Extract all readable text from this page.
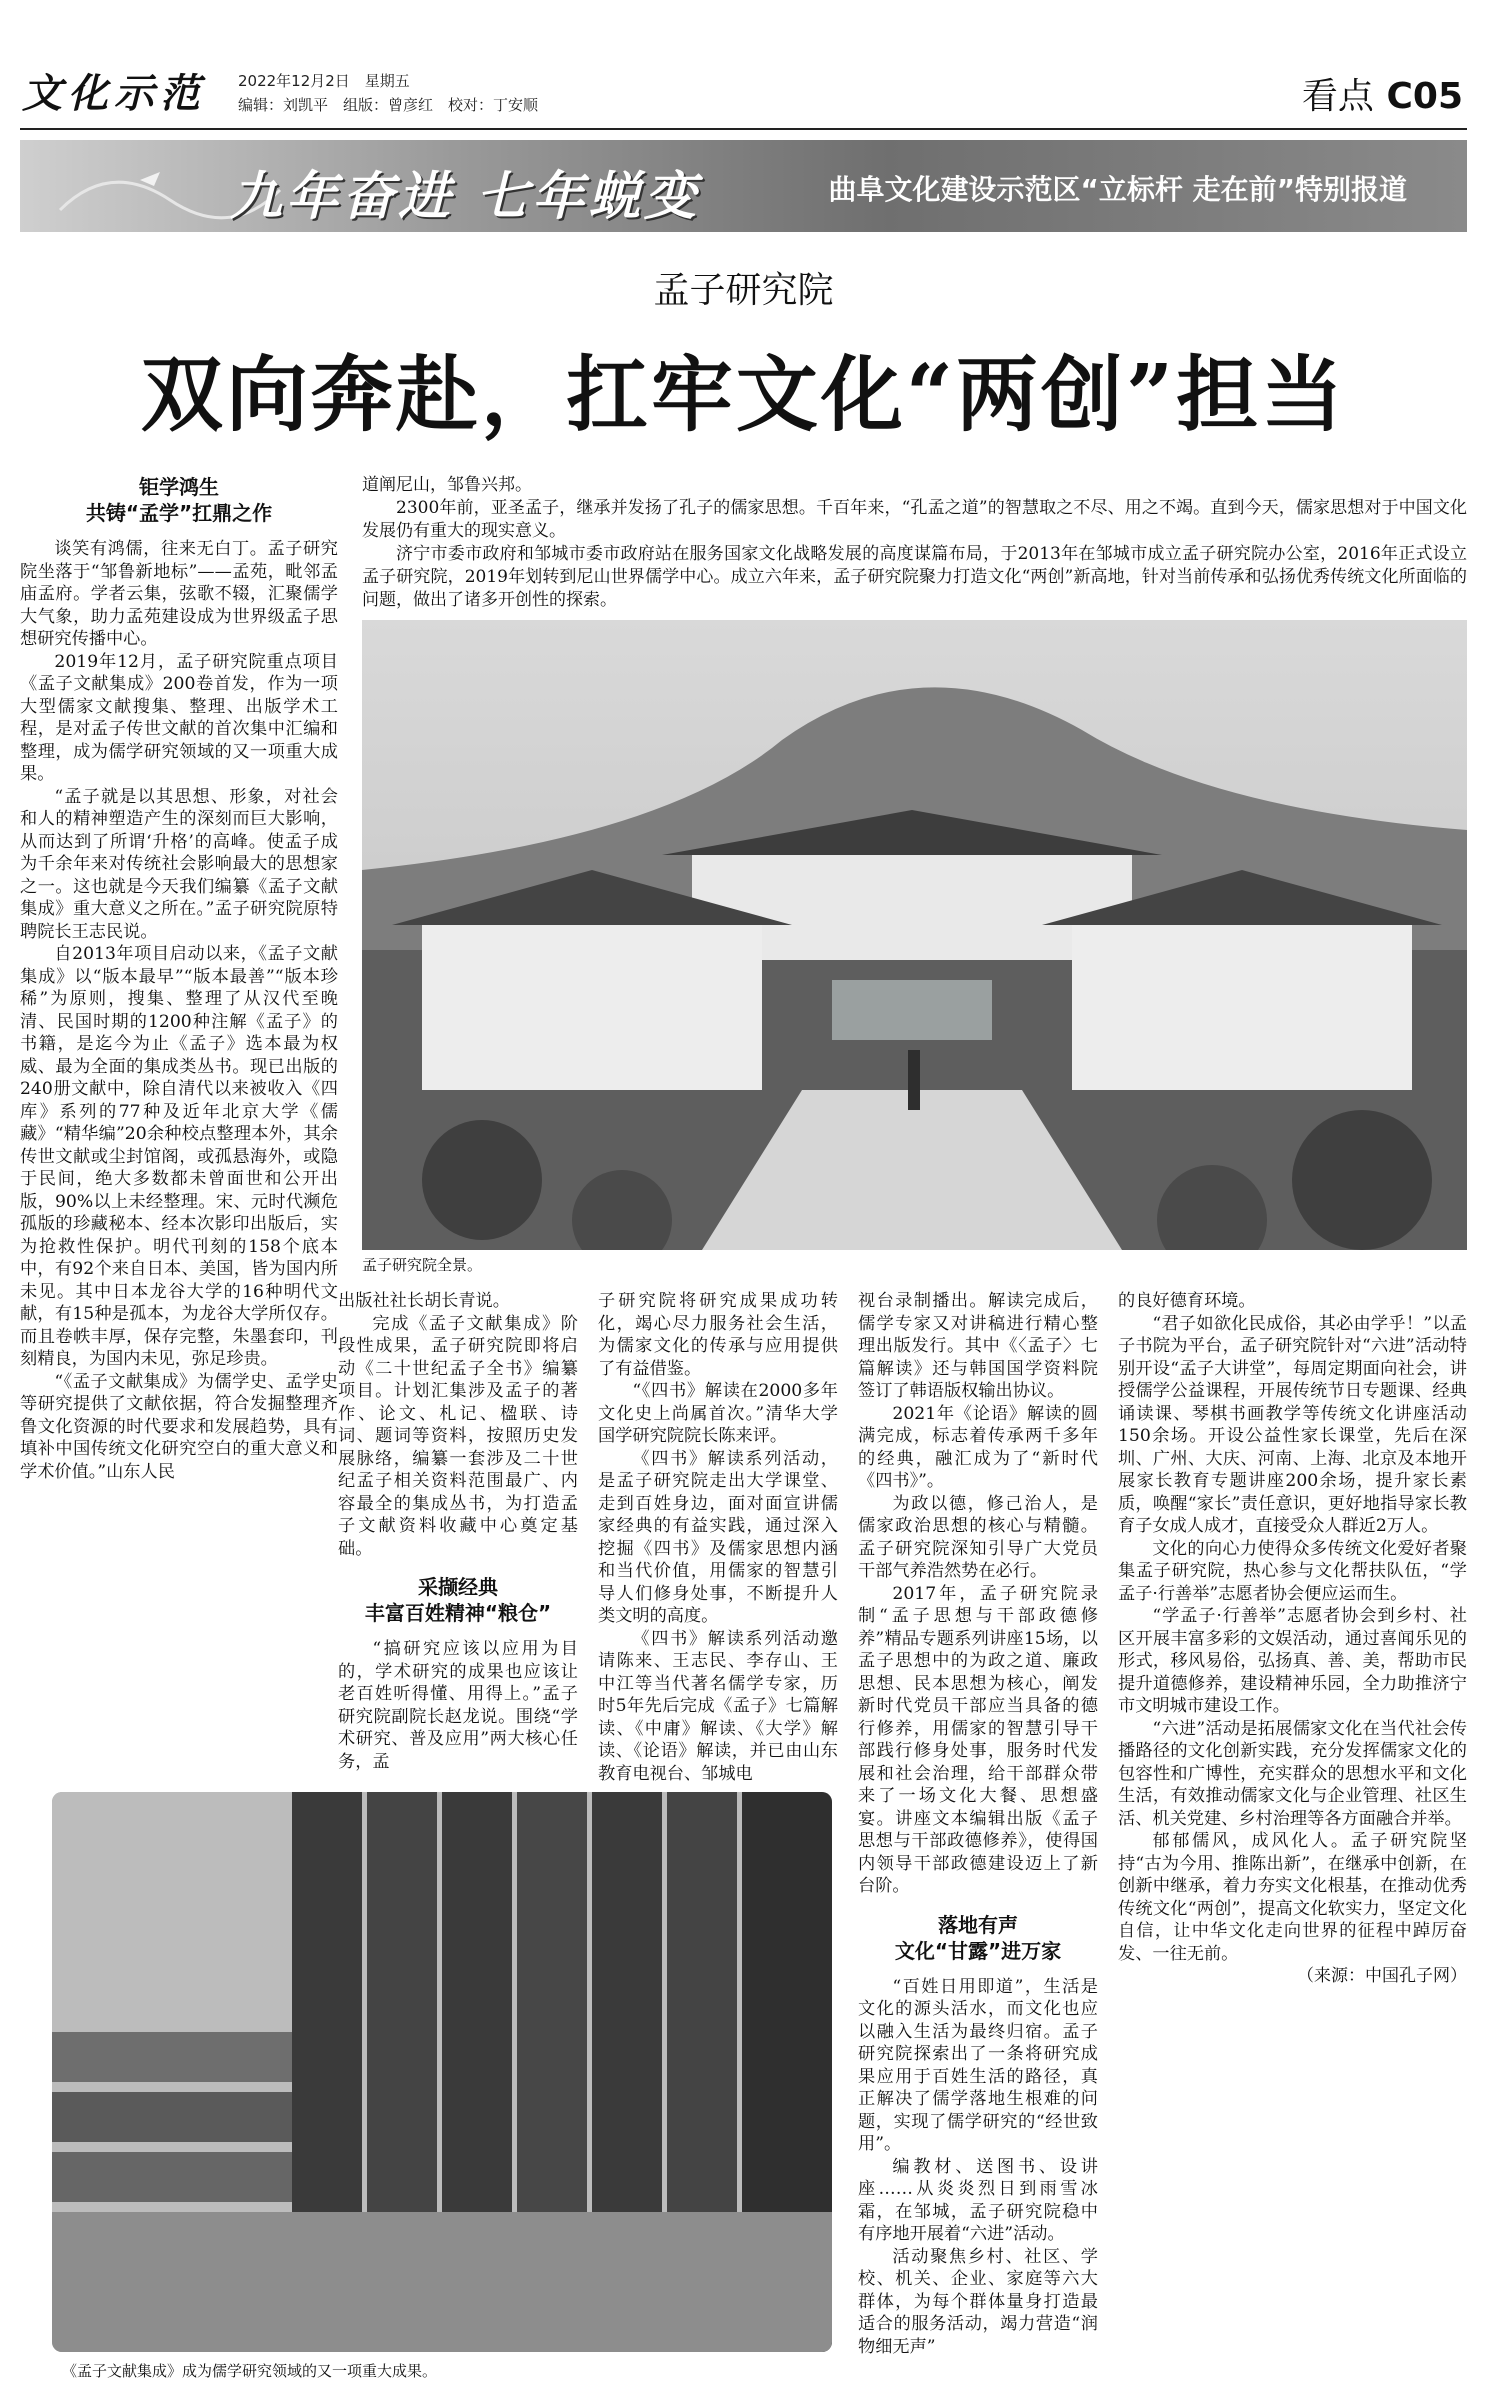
文化示范 2022年12月2日　星期五
编辑：刘凯平　组版：曾彦红　校对：丁安顺	看点 C05
九年奋进 七年蜕变	曲阜文化建设示范区“立标杆 走在前”特别报道
孟子研究院
双向奔赴，扛牢文化“两创”担当

道阐尼山，邹鲁兴邦。

2300年前，亚圣孟子，继承并发扬了孔子的儒家思想。千百年来，“孔孟之道”的智慧取之不尽、用之不竭。直到今天，儒家思想对于中国文化发展仍有重大的现实意义。

济宁市委市政府和邹城市委市政府站在服务国家文化战略发展的高度谋篇布局，于2013年在邹城市成立孟子研究院办公室，2016年正式设立孟子研究院，2019年划转到尼山世界儒学中心。成立六年来，孟子研究院聚力打造文化“两创”新高地，针对当前传承和弘扬优秀传统文化所面临的问题，做出了诸多开创性的探索。

钜学鸿生
共铸“孟学”扛鼎之作

谈笑有鸿儒，往来无白丁。孟子研究院坐落于“邹鲁新地标”——孟苑，毗邻孟庙孟府。学者云集，弦歌不辍，汇聚儒学大气象，助力孟苑建设成为世界级孟子思想研究传播中心。

2019年12月，孟子研究院重点项目《孟子文献集成》200卷首发，作为一项大型儒家文献搜集、整理、出版学术工程，是对孟子传世文献的首次集中汇编和整理，成为儒学研究领域的又一项重大成果。

“孟子就是以其思想、形象，对社会和人的精神塑造产生的深刻而巨大影响，从而达到了所谓‘升格’的高峰。使孟子成为千余年来对传统社会影响最大的思想家之一。这也就是今天我们编纂《孟子文献集成》重大意义之所在。”孟子研究院原特聘院长王志民说。

自2013年项目启动以来，《孟子文献集成》以“版本最早”“版本最善”“版本珍稀”为原则，搜集、整理了从汉代至晚清、民国时期的1200种注解《孟子》的书籍，是迄今为止《孟子》选本最为权威、最为全面的集成类丛书。现已出版的240册文献中，除自清代以来被收入《四库》系列的77种及近年北京大学《儒藏》“精华编”20余种校点整理本外，其余传世文献或尘封馆阁，或孤悬海外，或隐于民间，绝大多数都未曾面世和公开出版，90%以上未经整理。宋、元时代濒危孤版的珍藏秘本、经本次影印出版后，实为抢救性保护。明代刊刻的158个底本中，有92个来自日本、美国，皆为国内所未见。其中日本龙谷大学的16种明代文献，有15种是孤本，为龙谷大学所仅存。而且卷帙丰厚，保存完整，朱墨套印，刊刻精良，为国内未见，弥足珍贵。

“《孟子文献集成》为儒学史、孟学史等研究提供了文献依据，符合发掘整理齐鲁文化资源的时代要求和发展趋势，具有填补中国传统文化研究空白的重大意义和学术价值。”山东人民

孟子研究院全景。

出版社社长胡长青说。

完成《孟子文献集成》阶段性成果，孟子研究院即将启动《二十世纪孟子全书》编纂项目。计划汇集涉及孟子的著作、论文、札记、楹联、诗词、题词等资料，按照历史发展脉络，编纂一套涉及二十世纪孟子相关资料范围最广、内容最全的集成丛书，为打造孟子文献资料收藏中心奠定基础。

采撷经典
丰富百姓精神“粮仓”

“搞研究应该以应用为目的，学术研究的成果也应该让老百姓听得懂、用得上。”孟子研究院副院长赵龙说。围绕“学术研究、普及应用”两大核心任务，孟

子研究院将研究成果成功转化，竭心尽力服务社会生活，为儒家文化的传承与应用提供了有益借鉴。

“《四书》解读在2000多年文化史上尚属首次。”清华大学国学研究院院长陈来评。

《四书》解读系列活动，是孟子研究院走出大学课堂、走到百姓身边，面对面宣讲儒家经典的有益实践，通过深入挖掘《四书》及儒家思想内涵和当代价值，用儒家的智慧引导人们修身处事，不断提升人类文明的高度。

《四书》解读系列活动邀请陈来、王志民、李存山、王中江等当代著名儒学专家，历时5年先后完成《孟子》七篇解读、《中庸》解读、《大学》解读、《论语》解读，并已由山东教育电视台、邹城电

视台录制播出。解读完成后，儒学专家又对讲稿进行精心整理出版发行。其中《〈孟子〉七篇解读》还与韩国国学资料院签订了韩语版权输出协议。

2021年《论语》解读的圆满完成，标志着传承两千多年的经典，融汇成为了“新时代《四书》”。

为政以德，修己治人，是儒家政治思想的核心与精髓。孟子研究院深知引导广大党员干部气养浩然势在必行。

2017年，孟子研究院录制“孟子思想与干部政德修养”精品专题系列讲座15场，以孟子思想中的为政之道、廉政思想、民本思想为核心，阐发新时代党员干部应当具备的德行修养，用儒家的智慧引导干部践行修身处事，服务时代发展和社会治理，给干部群众带来了一场文化大餐、思想盛宴。讲座文本编辑出版《孟子思想与干部政德修养》，使得国内领导干部政德建设迈上了新台阶。

落地有声
文化“甘露”进万家

“百姓日用即道”，生活是文化的源头活水，而文化也应以融入生活为最终归宿。孟子研究院探索出了一条将研究成果应用于百姓生活的路径，真正解决了儒学落地生根难的问题，实现了儒学研究的“经世致用”。

编教材、送图书、设讲座……从炎炎烈日到雨雪冰霜，在邹城，孟子研究院稳中有序地开展着“六进”活动。

活动聚焦乡村、社区、学校、机关、企业、家庭等六大群体，为每个群体量身打造最适合的服务活动，竭力营造“润物细无声”

的良好德育环境。

“君子如欲化民成俗，其必由学乎！”以孟子书院为平台，孟子研究院针对“六进”活动特别开设“孟子大讲堂”，每周定期面向社会，讲授儒学公益课程，开展传统节日专题课、经典诵读课、琴棋书画教学等传统文化讲座活动150余场。开设公益性家长课堂，先后在深圳、广州、大庆、河南、上海、北京及本地开展家长教育专题讲座200余场，提升家长素质，唤醒“家长”责任意识，更好地指导家长教育子女成人成才，直接受众人群近2万人。

文化的向心力使得众多传统文化爱好者聚集孟子研究院，热心参与文化帮扶队伍，“学孟子·行善举”志愿者协会便应运而生。

“学孟子·行善举”志愿者协会到乡村、社区开展丰富多彩的文娱活动，通过喜闻乐见的形式，移风易俗，弘扬真、善、美，帮助市民提升道德修养，建设精神乐园，全力助推济宁市文明城市建设工作。

“六进”活动是拓展儒家文化在当代社会传播路径的文化创新实践，充分发挥儒家文化的包容性和广博性，充实群众的思想水平和文化生活，有效推动儒家文化与企业管理、社区生活、机关党建、乡村治理等各方面融合并举。

郁郁儒风，成风化人。孟子研究院坚持“古为今用、推陈出新”，在继承中创新，在创新中继承，着力夯实文化根基，在推动优秀传统文化“两创”，提高文化软实力，坚定文化自信，让中华文化走向世界的征程中踔厉奋发、一往无前。

（来源：中国孔子网）
《孟子文献集成》成为儒学研究领域的又一项重大成果。
